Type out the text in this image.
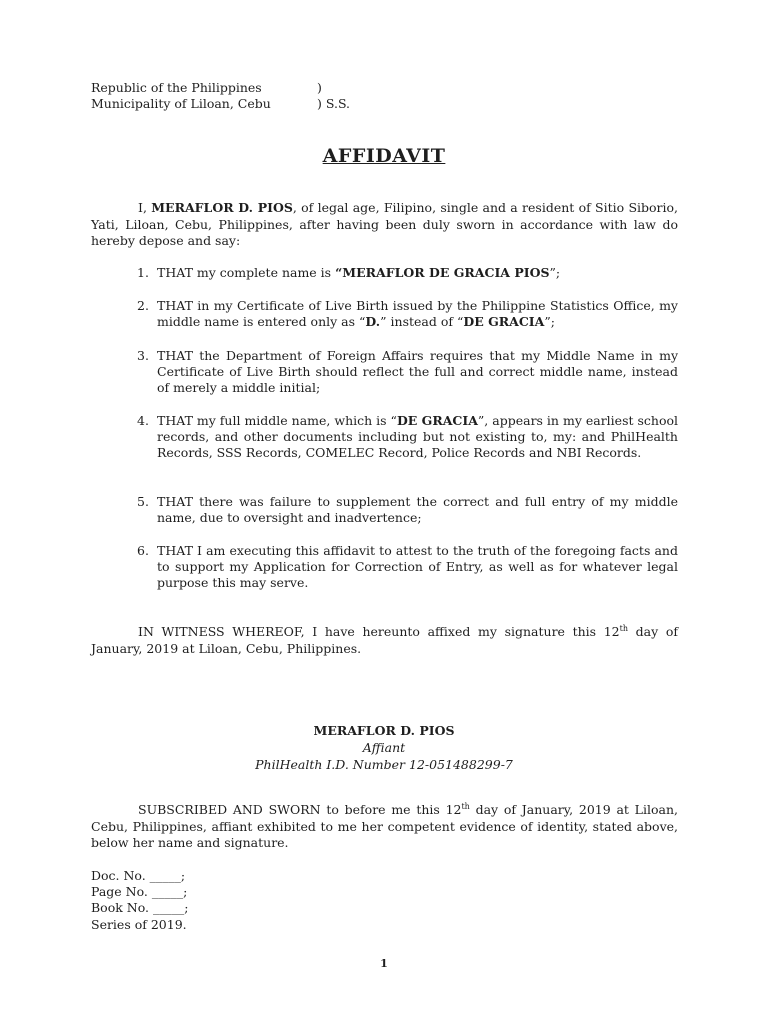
Republic of the Philippines	)
Municipality of Liloan, Cebu	) S.S.
AFFIDAVIT

I, MERAFLOR D. PIOS, of legal age, Filipino, single and a resident of Sitio Siborio, Yati, Liloan, Cebu, Philippines, after having been duly sworn in accordance with law do hereby depose and say:

1. THAT my complete name is “MERAFLOR DE GRACIA PIOS”;
2. THAT in my Certificate of Live Birth issued by the Philippine Statistics Office, my middle name is entered only as “D.” instead of “DE GRACIA”;
3. THAT the Department of Foreign Affairs requires that my Middle Name in my Certificate of Live Birth should reflect the full and correct middle name, instead of merely a middle initial;
4. THAT my full middle name, which is “DE GRACIA”, appears in my earliest school records, and other documents including but not existing to, my: and PhilHealth Records, SSS Records, COMELEC Record, Police Records and NBI Records.
5. THAT there was failure to supplement the correct and full entry of my middle name, due to oversight and inadvertence;
6. THAT I am executing this affidavit to attest to the truth of the foregoing facts and to support my Application for Correction of Entry, as well as for whatever legal purpose this may serve.

IN WITNESS WHEREOF, I have hereunto affixed my signature this 12th day of January, 2019 at Liloan, Cebu, Philippines.

MERAFLOR D. PIOS
Affiant
PhilHealth I.D. Number 12-051488299-7

SUBSCRIBED AND SWORN to before me this 12th day of January, 2019 at Liloan, Cebu, Philippines, affiant exhibited to me her competent evidence of identity, stated above, below her name and signature.

Doc. No. _____;
Page No. _____;
Book No. _____;
Series of 2019.
1
